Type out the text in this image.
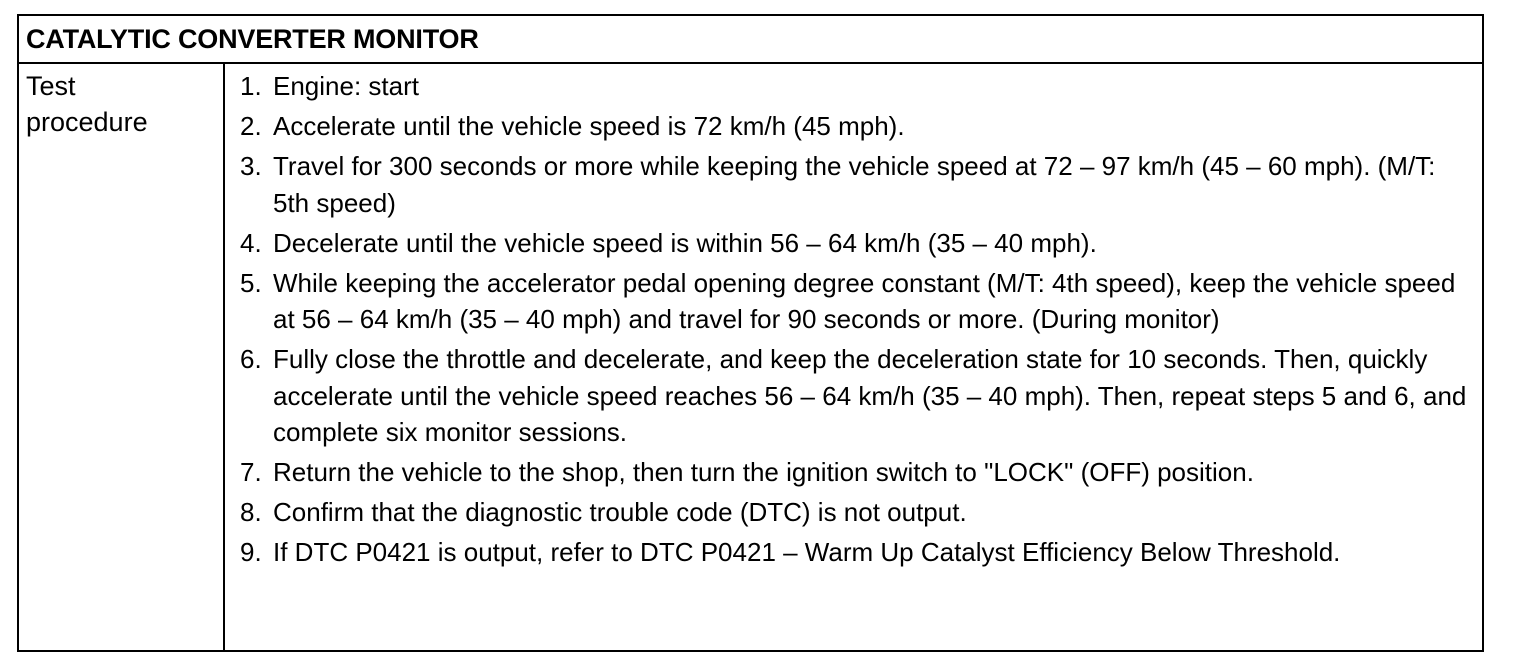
CATALYTIC CONVERTER MONITOR
Test
procedure
1. Engine: start
2. Accelerate until the vehicle speed is 72 km/h (45 mph).
3. Travel for 300 seconds or more while keeping the vehicle speed at 72 – 97 km/h (45 – 60 mph). (M/T: 5th speed)
4. Decelerate until the vehicle speed is within 56 – 64 km/h (35 – 40 mph).
5. While keeping the accelerator pedal opening degree constant (M/T: 4th speed), keep the vehicle speed at 56 – 64 km/h (35 – 40 mph) and travel for 90 seconds or more. (During monitor)
6. Fully close the throttle and decelerate, and keep the deceleration state for 10 seconds. Then, quickly accelerate until the vehicle speed reaches 56 – 64 km/h (35 – 40 mph). Then, repeat steps 5 and 6, and complete six monitor sessions.
7. Return the vehicle to the shop, then turn the ignition switch to "LOCK" (OFF) position.
8. Confirm that the diagnostic trouble code (DTC) is not output.
9. If DTC P0421 is output, refer to DTC P0421 – Warm Up Catalyst Efficiency Below Threshold.
